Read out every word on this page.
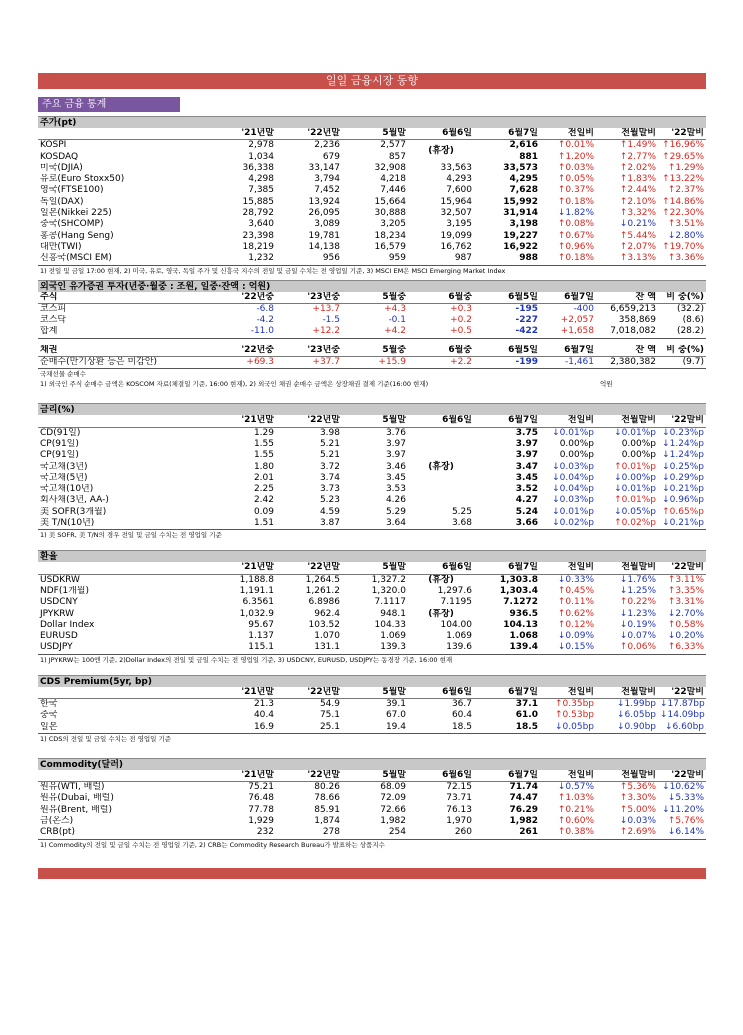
일일 금융시장 동향
주요 금융 통계
주가(pt)
	'21년말	'22년말	5월말	6월6일	6월7일	전일비	전월말비	'22말비
KOSPI	2,978	2,236	2,577	(휴장)	2,616	↑0.01%	↑1.49%	↑16.96%
KOSDAQ	1,034	679	857		881	↑1.20%	↑2.77%	↑29.65%
미국(DJIA)	36,338	33,147	32,908	33,563	33,573	↑0.03%	↑2.02%	↑1.29%
유로(Euro Stoxx50)	4,298	3,794	4,218	4,293	4,295	↑0.05%	↑1.83%	↑13.22%
영국(FTSE100)	7,385	7,452	7,446	7,600	7,628	↑0.37%	↑2.44%	↑2.37%
독일(DAX)	15,885	13,924	15,664	15,964	15,992	↑0.18%	↑2.10%	↑14.86%
일본(Nikkei 225)	28,792	26,095	30,888	32,507	31,914	↓1.82%	↑3.32%	↑22.30%
중국(SHCOMP)	3,640	3,089	3,205	3,195	3,198	↑0.08%	↓0.21%	↑3.51%
홍콩(Hang Seng)	23,398	19,781	18,234	19,099	19,227	↑0.67%	↑5.44%	↓2.80%
대만(TWI)	18,219	14,138	16,579	16,762	16,922	↑0.96%	↑2.07%	↑19.70%
신흥국(MSCI EM)	1,232	956	959	987	988	↑0.18%	↑3.13%	↑3.36%
1) 전일 및 금일 17:00 현재, 2) 미국, 유로, 영국, 독일 주가 및 신흥국 지수의 전일 및 금일 수치는 전 영업일 기준, 3) MSCI EM은 MSCI Emerging Market Index
외국인 유가증권 투자(년중·월중 : 조원, 일중·잔액 : 억원)
주식	'22년중	'23년중	5월중	6월중	6월5일	6월7일	잔 액	비 중(%)
코스피	-6.8	+13.7	+4.3	+0.3	-195	-400	6,659,213	(32.2)
코스닥	-4.2	-1.5	-0.1	+0.2	-227	+2,057	358,869	(8.6)
합계	-11.0	+12.2	+4.2	+0.5	-422	+1,658	7,018,082	(28.2)
채권	'22년중	'23년중	5월중	6월중	6월5일	6월7일	잔 액	비 중(%)
순매수(만기상환 등은 미감안)	+69.3	+37.7	+15.9	+2.2	-199	-1,461	2,380,382	(9.7)
국채선물 순매수
1) 외국인 주식 순매수 금액은 KOSCOM 자료(체결일 기준, 16:00 현재), 2) 외국인 채권 순매수 금액은 상장채권 결제 기준(16:00 현재)	억원
금리(%)
	'21년말	'22년말	5월말	6월6일	6월7일	전일비	전월말비	'22말비
CD(91일)	1.29	3.98	3.76	(휴장)	3.75	↓0.01%p	↓0.01%p	↓0.23%p
CP(91일)	1.55	5.21	3.97		3.97	0.00%p	0.00%p	↓1.24%p
CP(91일)	1.55	5.21	3.97		3.97	0.00%p	0.00%p	↓1.24%p
국고채(3년)	1.80	3.72	3.46		3.47	↓0.03%p	↑0.01%p	↓0.25%p
국고채(5년)	2.01	3.74	3.45		3.45	↓0.04%p	↓0.00%p	↓0.29%p
국고채(10년)	2.25	3.73	3.53		3.52	↓0.04%p	↓0.01%p	↓0.21%p
회사채(3년, AA-)	2.42	5.23	4.26		4.27	↓0.03%p	↑0.01%p	↓0.96%p
美 SOFR(3개월)	0.09	4.59	5.29	5.25	5.24	↓0.01%p	↓0.05%p	↑0.65%p
美 T/N(10년)	1.51	3.87	3.64	3.68	3.66	↓0.02%p	↑0.02%p	↓0.21%p
1) 美 SOFR, 美 T/N의 경우 전일 및 금일 수치는 전 영업일 기준
환율
	'21년말	'22년말	5월말	6월6일	6월7일	전일비	전월말비	'22말비
USDKRW	1,188.8	1,264.5	1,327.2	(휴장)	1,303.8	↓0.33%	↓1.76%	↑3.11%
NDF(1개월)	1,191.1	1,261.2	1,320.0	1,297.6	1,303.4	↑0.45%	↓1.25%	↑3.35%
USDCNY	6.3561	6.8986	7.1117	7.1195	7.1272	↑0.11%	↑0.22%	↑3.31%
JPYKRW	1,032.9	962.4	948.1	(휴장)	936.5	↑0.62%	↓1.23%	↓2.70%
Dollar Index	95.67	103.52	104.33	104.00	104.13	↑0.12%	↓0.19%	↑0.58%
EURUSD	1.137	1.070	1.069	1.069	1.068	↓0.09%	↓0.07%	↓0.20%
USDJPY	115.1	131.1	139.3	139.6	139.4	↓0.15%	↑0.06%	↑6.33%
1) JPYKRW는 100엔 기준, 2)Dollar Index의 전일 및 금일 수치는 전 영업일 기준, 3) USDCNY, EURUSD, USDJPY는 동경장 기준, 16:00 현재
CDS Premium(5yr, bp)
	'21년말	'22년말	5월말	6월6일	6월7일	전일비	전월말비	'22말비
한국	21.3	54.9	39.1	36.7	37.1	↑0.35bp	↓1.99bp	↓17.87bp
중국	40.4	75.1	67.0	60.4	61.0	↑0.53bp	↓6.05bp	↓14.09bp
일본	16.9	25.1	19.4	18.5	18.5	↓0.05bp	↓0.90bp	↓6.60bp
1) CDS의 전일 및 금일 수치는 전 영업일 기준
Commodity(달러)
	'21년말	'22년말	5월말	6월6일	6월7일	전일비	전월말비	'22말비
원유(WTI, 배럴)	75.21	80.26	68.09	72.15	71.74	↓0.57%	↑5.36%	↓10.62%
원유(Dubai, 배럴)	76.48	78.66	72.09	73.71	74.47	↑1.03%	↑3.30%	↓5.33%
원유(Brent, 배럴)	77.78	85.91	72.66	76.13	76.29	↑0.21%	↑5.00%	↓11.20%
금(온스)	1,929	1,874	1,982	1,970	1,982	↑0.60%	↓0.03%	↑5.76%
CRB(pt)	232	278	254	260	261	↑0.38%	↑2.69%	↓6.14%
1) Commodity의 전일 및 금일 수치는 전 영업일 기준, 2) CRB는 Commodity Research Bureau가 발표하는 상품지수
